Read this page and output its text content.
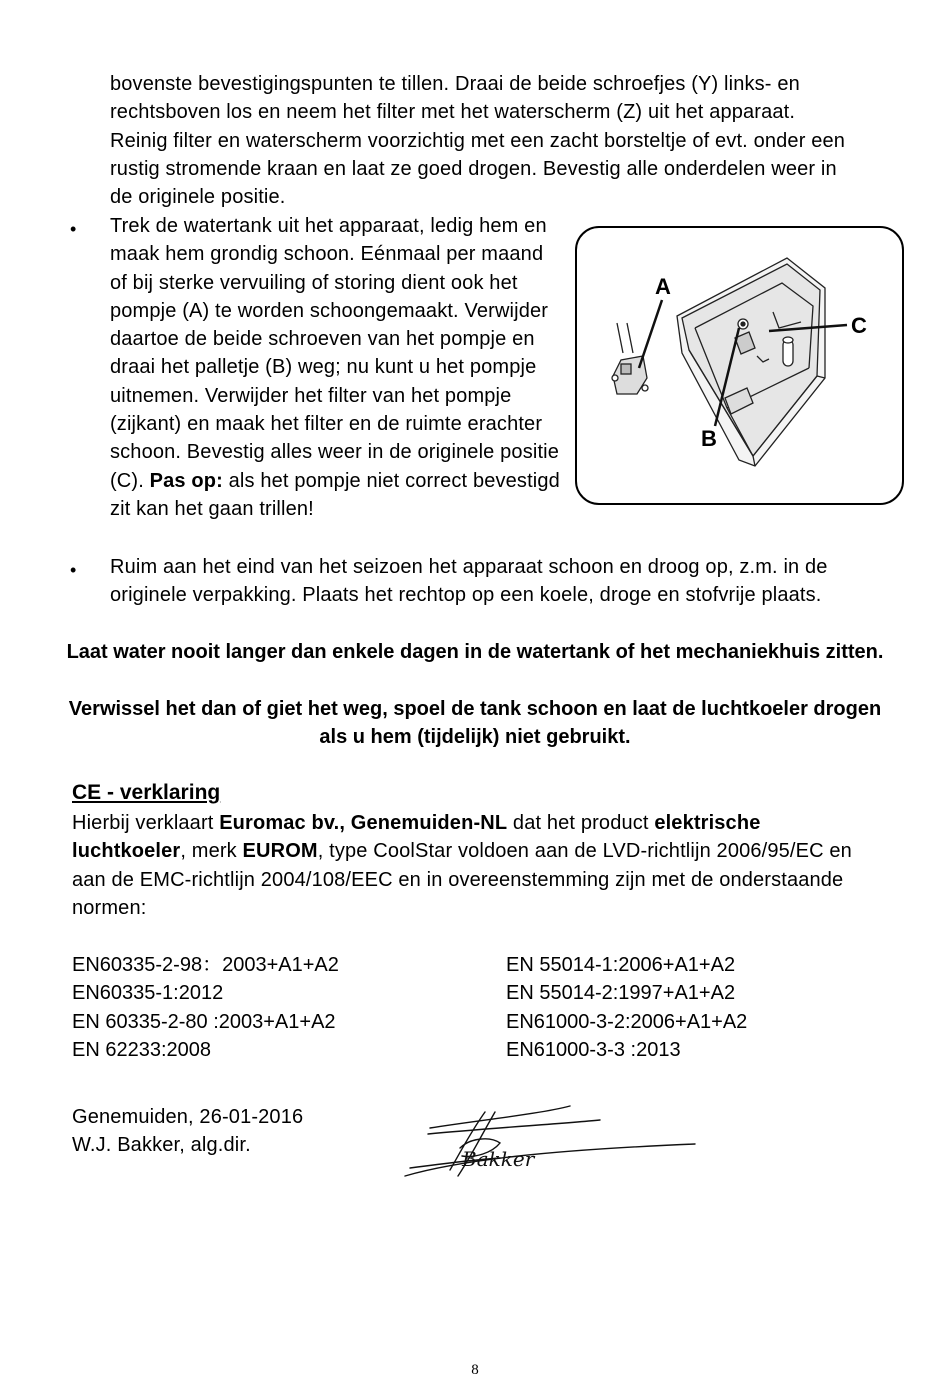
bovenste bevestigingspunten te tillen. Draai de beide schroefjes (Y) links- en rechtsboven los en neem het filter met het waterscherm (Z) uit het apparaat. Reinig filter en waterscherm voorzichtig met een zacht borsteltje of evt. onder een rustig stromende kraan en laat ze goed drogen. Bevestig alle onderdelen weer in de originele positie.

• Trek de watertank uit het apparaat, ledig hem en maak hem grondig schoon. Eénmaal per maand of bij sterke vervuiling of storing dient ook het pompje (A) te worden schoongemaakt. Verwijder daartoe de beide schroeven van het pompje en draai het palletje (B) weg; nu kunt u het pompje uitnemen. Verwijder het filter van het pompje (zijkant) en maak het filter en de ruimte erachter schoon. Bevestig alles weer in de originele positie (C). Pas op: als het pompje niet correct bevestigd zit kan het gaan trillen!

A
C
B
• Ruim aan het eind van het seizoen het apparaat schoon en droog op, z.m. in de originele verpakking. Plaats het rechtop op een koele, droge en stofvrije plaats.

Laat water nooit langer dan enkele dagen in de watertank of het mechaniekhuis zitten.

Verwissel het dan of giet het weg, spoel de tank schoon en laat de luchtkoeler drogen als u hem (tijdelijk) niet gebruikt.

CE - verklaring

Hierbij verklaart Euromac bv., Genemuiden-NL dat het product elektrische luchtkoeler, merk EUROM, type CoolStar voldoen aan de LVD-richtlijn 2006/95/EC en aan de EMC-richtlijn 2004/108/EEC en in overeenstemming zijn met de onderstaande normen:

EN60335-2-98：2003+A1+A2
EN60335-1:2012
EN 60335-2-80 :2003+A1+A2
EN 62233:2008
EN 55014-1:2006+A1+A2
EN 55014-2:1997+A1+A2
EN61000-3-2:2006+A1+A2
EN61000-3-3 :2013

Genemuiden, 26-01-2016

W.J. Bakker, alg.dir.

Bakker
8
